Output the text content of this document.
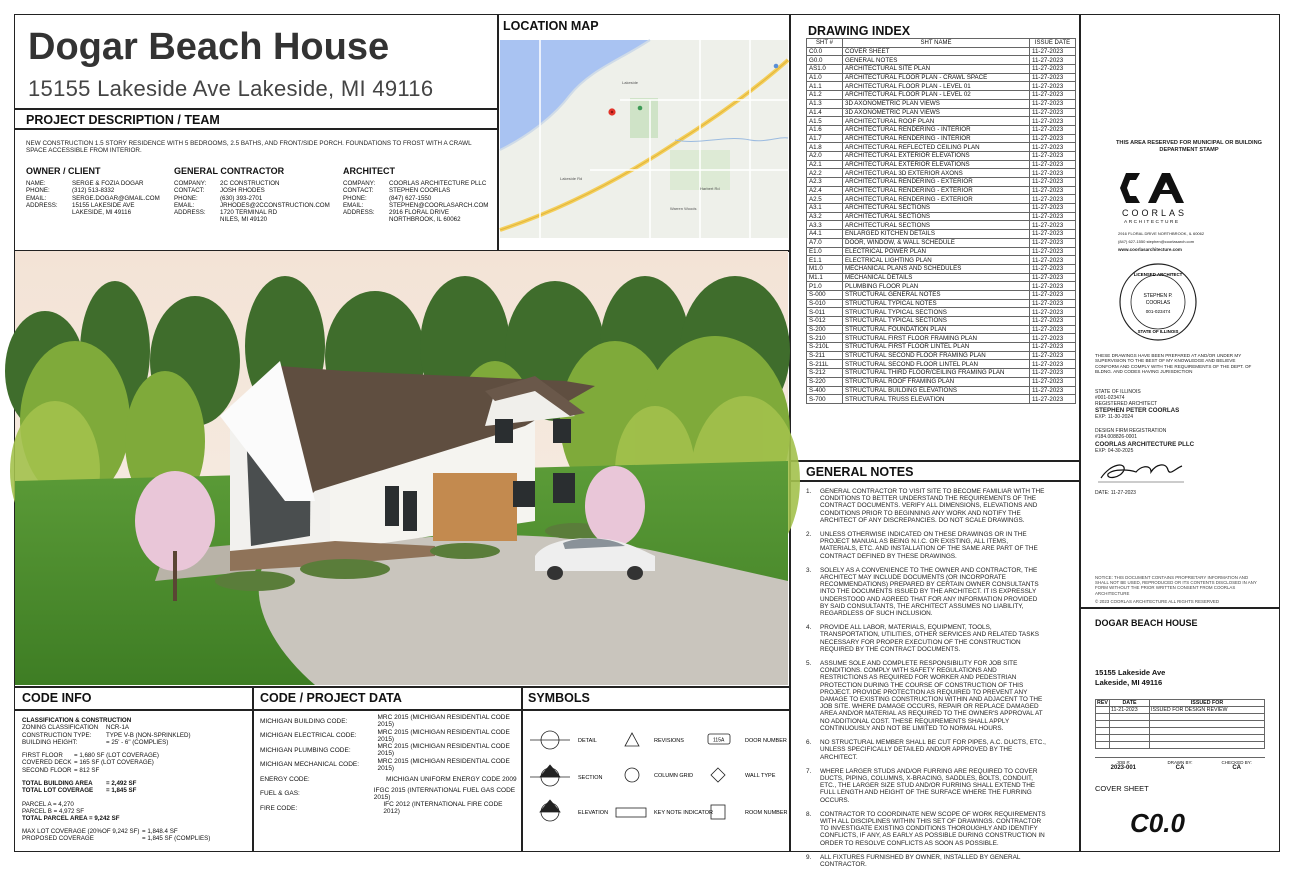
Dogar Beach House
15155 Lakeside Ave Lakeside, MI 49116
PROJECT DESCRIPTION / TEAM
NEW CONSTRUCTION 1.5 STORY RESIDENCE WITH 5 BEDROOMS, 2.5 BATHS, AND FRONT/SIDE PORCH. FOUNDATIONS TO FROST WITH A CRAWL SPACE ACCESSIBLE FROM INTERIOR.
OWNER / CLIENT
NAME:	SERGE & FOZIA DOGAR
PHONE:	(312) 513-8332
EMAIL:	SERGE.DOGAR@GMAIL.COM
ADDRESS:	15155 LAKESIDE AVE
LAKESIDE, MI 49116
GENERAL CONTRACTOR
COMPANY:	2C CONSTRUCTION
CONTACT:	JOSH RHODES
PHONE:	(630) 393-2701
EMAIL:	JRHODES@2CCONSTRUCTION.COM
ADDRESS:	1720 TERMINAL RD
NILES, MI 49120
ARCHITECT
COMPANY:	COORLAS ARCHITECTURE PLLC
CONTACT:	STEPHEN COORLAS
PHONE:	(847) 627-1550
EMAIL:	STEPHEN@COORLASARCH.COM
ADDRESS:	2916 FLORAL DRIVE
NORTHBROOK, IL 60062
LOCATION MAP
Lakeside
Lakeside Rd
Harbert Rd
Warren Woods
DRAWING INDEX
SHT #	SHT NAME	ISSUE DATE
C0.0	COVER SHEET	11-27-2023
G0.0	GENERAL NOTES	11-27-2023
AS1.0	ARCHITECTURAL SITE PLAN	11-27-2023
A1.0	ARCHITECTURAL FLOOR PLAN - CRAWL SPACE	11-27-2023
A1.1	ARCHITECTURAL FLOOR PLAN - LEVEL 01	11-27-2023
A1.2	ARCHITECTURAL FLOOR PLAN - LEVEL 02	11-27-2023
A1.3	3D AXONOMETRIC PLAN VIEWS	11-27-2023
A1.4	3D AXONOMETRIC PLAN VIEWS	11-27-2023
A1.5	ARCHITECTURAL ROOF PLAN	11-27-2023
A1.6	ARCHITECTURAL RENDERING - INTERIOR	11-27-2023
A1.7	ARCHITECTURAL RENDERING - INTERIOR	11-27-2023
A1.8	ARCHITECTURAL REFLECTED CEILING PLAN	11-27-2023
A2.0	ARCHITECTURAL EXTERIOR ELEVATIONS	11-27-2023
A2.1	ARCHITECTURAL EXTERIOR ELEVATIONS	11-27-2023
A2.2	ARCHITECTURAL 3D EXTERIOR AXONS	11-27-2023
A2.3	ARCHITECTURAL RENDERING - EXTERIOR	11-27-2023
A2.4	ARCHITECTURAL RENDERING - EXTERIOR	11-27-2023
A2.5	ARCHITECTURAL RENDERING - EXTERIOR	11-27-2023
A3.1	ARCHITECTURAL SECTIONS	11-27-2023
A3.2	ARCHITECTURAL SECTIONS	11-27-2023
A3.3	ARCHITECTURAL SECTIONS	11-27-2023
A4.1	ENLARGED KITCHEN DETAILS	11-27-2023
A7.0	DOOR, WINDOW, & WALL SCHEDULE	11-27-2023
E1.0	ELECTRICAL POWER PLAN	11-27-2023
E1.1	ELECTRICAL LIGHTING PLAN	11-27-2023
M1.0	MECHANICAL PLANS AND SCHEDULES	11-27-2023
M1.1	MECHANICAL DETAILS	11-27-2023
P1.0	PLUMBING FLOOR PLAN	11-27-2023
S-000	STRUCTURAL GENERAL NOTES	11-27-2023
S-010	STRUCTURAL TYPICAL NOTES	11-27-2023
S-011	STRUCTURAL TYPICAL SECTIONS	11-27-2023
S-012	STRUCTURAL TYPICAL SECTIONS	11-27-2023
S-200	STRUCTURAL FOUNDATION PLAN	11-27-2023
S-210	STRUCTURAL FIRST FLOOR FRAMING PLAN	11-27-2023
S-210L	STRUCTURAL FIRST FLOOR LINTEL PLAN	11-27-2023
S-211	STRUCTURAL SECOND FLOOR FRAMING PLAN	11-27-2023
S-211L	STRUCTURAL SECOND FLOOR LINTEL PLAN	11-27-2023
S-212	STRUCTURAL THIRD FLOOR/CEILING FRAMING PLAN	11-27-2023
S-220	STRUCTURAL ROOF FRAMING PLAN	11-27-2023
S-400	STRUCTURAL BUILDING ELEVATIONS	11-27-2023
S-700	STRUCTURAL TRUSS ELEVATION	11-27-2023
GENERAL NOTES
1.	GENERAL CONTRACTOR TO VISIT SITE TO BECOME FAMILIAR WITH THE CONDITIONS TO BETTER UNDERSTAND THE REQUIREMENTS OF THE CONTRACT DOCUMENTS. VERIFY ALL DIMENSIONS, ELEVATIONS AND CONDITIONS PRIOR TO BEGINNING ANY WORK AND NOTIFY THE ARCHITECT OF ANY DISCREPANCIES. DO NOT SCALE DRAWINGS.
2.	UNLESS OTHERWISE INDICATED ON THESE DRAWINGS OR IN THE PROJECT MANUAL AS BEING N.I.C. OR EXISTING, ALL ITEMS, MATERIALS, ETC. AND INSTALLATION OF THE SAME ARE PART OF THE CONTRACT DEFINED BY THESE DRAWINGS.
3.	SOLELY AS A CONVENIENCE TO THE OWNER AND CONTRACTOR, THE ARCHITECT MAY INCLUDE DOCUMENTS (OR INCORPORATE RECOMMENDATIONS) PREPARED BY CERTAIN OWNER CONSULTANTS INTO THE DOCUMENTS ISSUED BY THE ARCHITECT. IT IS EXPRESSLY UNDERSTOOD AND AGREED THAT FOR ANY INFORMATION PROVIDED BY SAID CONSULTANTS, THE ARCHITECT ASSUMES NO LIABILITY, REGARDLESS OF SUCH INCLUSION.
4.	PROVIDE ALL LABOR, MATERIALS, EQUIPMENT, TOOLS, TRANSPORTATION, UTILITIES, OTHER SERVICES AND RELATED TASKS NECESSARY FOR PROPER EXECUTION OF THE CONSTRUCTION REQUIRED BY THE CONTRACT DOCUMENTS.
5.	ASSUME SOLE AND COMPLETE RESPONSIBILITY FOR JOB SITE CONDITIONS. COMPLY WITH SAFETY REGULATIONS AND RESTRICTIONS AS REQUIRED FOR WORKER AND PEDESTRIAN PROTECTION DURING THE COURSE OF CONSTRUCTION OF THIS PROJECT. PROVIDE PROTECTION AS REQUIRED TO PREVENT ANY DAMAGE TO EXISTING CONSTRUCTION WITHIN AND ADJACENT TO THE JOB SITE. WHERE DAMAGE OCCURS, REPAIR OR REPLACE DAMAGED AREA AND/OR MATERIAL AS REQUIRED TO THE OWNER'S APPROVAL AT NO ADDITIONAL COST. THESE REQUIREMENTS SHALL APPLY CONTINUOUSLY AND NOT BE LIMITED TO NORMAL HOURS.
6.	NO STRUCTURAL MEMBER SHALL BE CUT FOR PIPES, A.C. DUCTS, ETC., UNLESS SPECIFICALLY DETAILED AND/OR APPROVED BY THE ARCHITECT.
7.	WHERE LARGER STUDS AND/OR FURRING ARE REQUIRED TO COVER DUCTS, PIPING, COLUMNS, X-BRACING, SADDLES, BOLTS, CONDUIT, ETC., THE LARGER SIZE STUD AND/OR FURRING SHALL EXTEND THE FULL LENGTH AND HEIGHT OF THE SURFACE WHERE THE FURRING OCCURS.
8.	CONTRACTOR TO COORDINATE NEW SCOPE OF WORK REQUIREMENTS WITH ALL DISCIPLINES WITHIN THIS SET OF DRAWINGS. CONTRACTOR TO INVESTIGATE EXISTING CONDITIONS THOROUGHLY AND IDENTIFY CONFLICTS, IF ANY, AS EARLY AS POSSIBLE DURING CONSTRUCTION IN ORDER TO RESOLVE CONFLICTS AS SOON AS POSSIBLE.
9.	ALL FIXTURES FURNISHED BY OWNER, INSTALLED BY GENERAL CONTRACTOR.
CODE INFO
CLASSIFICATION & CONSTRUCTION
ZONING CLASSIFICATION	NCR-1A
CONSTRUCTION TYPE:	TYPE V-B (NON-SPRINKLED)
BUILDING HEIGHT:	= 25' - 6" (COMPLIES)
FIRST FLOOR	= 1,680 SF (LOT COVERAGE)
COVERED DECK = 165 SF (LOT COVERAGE)
SECOND FLOOR = 812 SF
TOTAL BUILDING AREA	= 2,492 SF
TOTAL LOT COVERAGE	= 1,845 SF
PARCEL A = 4,270
PARCEL B = 4,972 SF
TOTAL PARCEL AREA = 9,242 SF
MAX LOT COVERAGE (20%OF 9,242 SF) = 1,848.4 SF
PROPOSED COVERAGE	= 1,845 SF (COMPLIES)
CODE / PROJECT DATA
MICHIGAN BUILDING CODE:	MRC 2015 (MICHIGAN RESIDENTIAL CODE 2015)
MICHIGAN ELECTRICAL CODE:	MRC 2015 (MICHIGAN RESIDENTIAL CODE 2015)
MICHIGAN PLUMBING CODE:	MRC 2015 (MICHIGAN RESIDENTIAL CODE 2015)
MICHIGAN MECHANICAL CODE:	MRC 2015 (MICHIGAN RESIDENTIAL CODE 2015)
ENERGY CODE:	MICHIGAN UNIFORM ENERGY CODE 2009
FUEL & GAS:	IFGC 2015 (INTERNATIONAL FUEL GAS CODE 2015)
FIRE CODE:	IFC 2012 (INTERNATIONAL FIRE CODE 2012)
SYMBOLS
DETAIL	REVISIONS	115A	DOOR NUMBER
SECTION	COLUMN GRID	WALL TYPE
ELEVATION	KEY NOTE INDICATOR	ROOM NUMBER
THIS AREA RESERVED FOR MUNICIPAL OR BUILDING DEPARTMENT STAMP
COORLAS
ARCHITECTURE
2916 FLORAL DRIVE NORTHBROOK, IL 60062
(847) 627-1550 stephen@coorlasarch.com
www.coorlasarchitecture.com
LICENSED ARCHITECT
STEPHEN P.
COORLAS
001-023474
STATE OF ILLINOIS
THESE DRAWINGS HAVE BEEN PREPARED AT AND/OR UNDER MY SUPERVISION TO THE BEST OF MY KNOWLEDGE AND BELIEVE CONFORM AND COMPLY WITH THE REQUIREMENTS OF THE DEPT. OF BLDNG. AND CODES HAVING JURISDICTION
STATE OF ILLINOIS
#001-023474
REGISTERED ARCHITECT
STEPHEN PETER COORLAS
EXP: 11-30-2024
DESIGN FIRM REGISTRATION
#184.008826-0001
COORLAS ARCHITECTURE PLLC
EXP: 04-30-2025
DATE: 11-27-2023
NOTICE: THIS DOCUMENT CONTAINS PROPRIETARY INFORMATION AND SHALL NOT BE USED, REPRODUCED OR ITS CONTENTS DISCLOSED IN ANY FORM WITHOUT THE PRIOR WRITTEN CONSENT FROM COORLAS ARCHITECTURE
© 2023 COORLAS ARCHITECTURE ALL RIGHTS RESERVED
DOGAR BEACH HOUSE
15155 Lakeside Ave
Lakeside, MI 49116
REV	DATE	ISSUED FOR
	11-21-2023	ISSUED FOR DESIGN REVIEW

JOB #:
2023-001
DRAWN BY:
CA
CHECKED BY:
CA
COVER SHEET
C0.0
